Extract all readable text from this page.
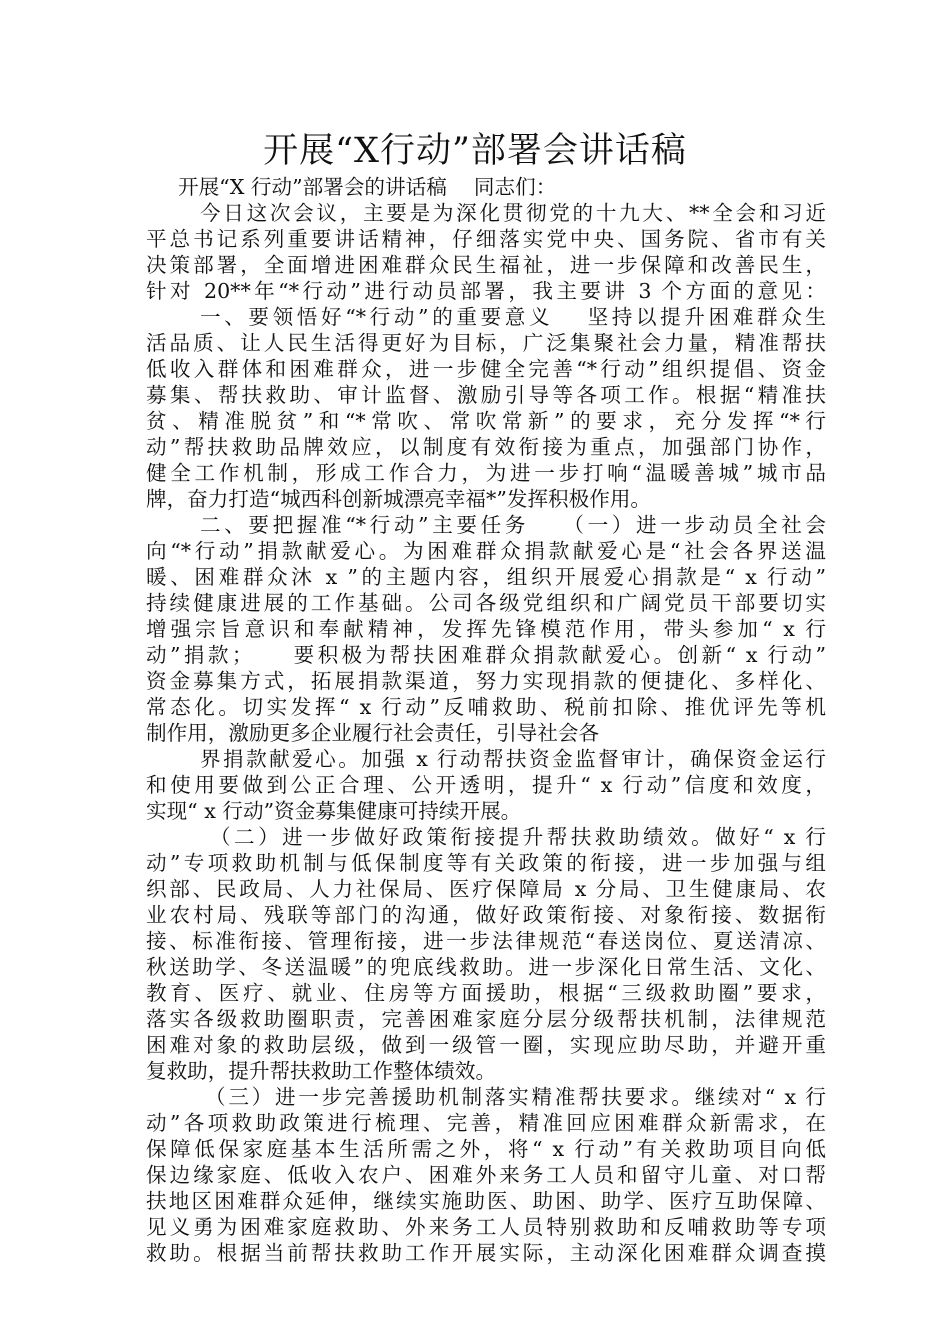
开展“X行动”部署会讲话稿
开展“X 行动”部署会的讲话稿　 同志们：
今日这次会议，主要是为深化贯彻党的十九大、**全会和习近
平总书记系列重要讲话精神，仔细落实党中央、国务院、省市有关
决策部署，全面增进困难群众民生福祉，进一步保障和改善民生，
针对 20**年“*行动”进行动员部署，我主要讲 3 个方面的意见：
一、要领悟好“*行动”的重要意义　 坚持以提升困难群众生
活品质、让人民生活得更好为目标，广泛集聚社会力量，精准帮扶
低收入群体和困难群众，进一步健全完善“*行动”组织提倡、资金
募集、帮扶救助、审计监督、激励引导等各项工作。根据“精准扶
贫、精准脱贫”和“*常吹、常吹常新”的要求，充分发挥“*行
动”帮扶救助品牌效应，以制度有效衔接为重点，加强部门协作，
健全工作机制，形成工作合力，为进一步打响“温暖善城”城市品
牌，奋力打造“城西科创新城漂亮幸福*”发挥积极作用。
二、要把握准“*行动”主要任务　 （一）进一步动员全社会
向“*行动”捐款献爱心。为困难群众捐款献爱心是“社会各界送温
暖、困难群众沐 x ”的主题内容，组织开展爱心捐款是“ x 行动”
持续健康进展的工作基础。公司各级党组织和广阔党员干部要切实
增强宗旨意识和奉献精神，发挥先锋模范作用，带头参加“ x 行
动”捐款；　　要积极为帮扶困难群众捐款献爱心。创新“ x 行动”
资金募集方式，拓展捐款渠道，努力实现捐款的便捷化、多样化、
常态化。切实发挥“ x 行动”反哺救助、税前扣除、推优评先等机
制作用，激励更多企业履行社会责任，引导社会各
界捐款献爱心。加强 x 行动帮扶资金监督审计，确保资金运行
和使用要做到公正合理、公开透明，提升“ x 行动”信度和效度，
实现“ x 行动”资金募集健康可持续开展。
（二）进一步做好政策衔接提升帮扶救助绩效。做好“ x 行
动”专项救助机制与低保制度等有关政策的衔接，进一步加强与组
织部、民政局、人力社保局、医疗保障局 x 分局、卫生健康局、农
业农村局、残联等部门的沟通，做好政策衔接、对象衔接、数据衔
接、标准衔接、管理衔接，进一步法律规范“春送岗位、夏送清凉、
秋送助学、冬送温暖”的兜底线救助。进一步深化日常生活、文化、
教育、医疗、就业、住房等方面援助，根据“三级救助圈”要求，
落实各级救助圈职责，完善困难家庭分层分级帮扶机制，法律规范
困难对象的救助层级，做到一级管一圈，实现应助尽助，并避开重
复救助，提升帮扶救助工作整体绩效。
（三）进一步完善援助机制落实精准帮扶要求。继续对“ x 行
动”各项救助政策进行梳理、完善，精准回应困难群众新需求，在
保障低保家庭基本生活所需之外，将“ x 行动”有关救助项目向低
保边缘家庭、低收入农户、困难外来务工人员和留守儿童、对口帮
扶地区困难群众延伸，继续实施助医、助困、助学、医疗互助保障、
见义勇为困难家庭救助、外来务工人员特别救助和反哺救助等专项
救助。根据当前帮扶救助工作开展实际，主动深化困难群众调查摸
